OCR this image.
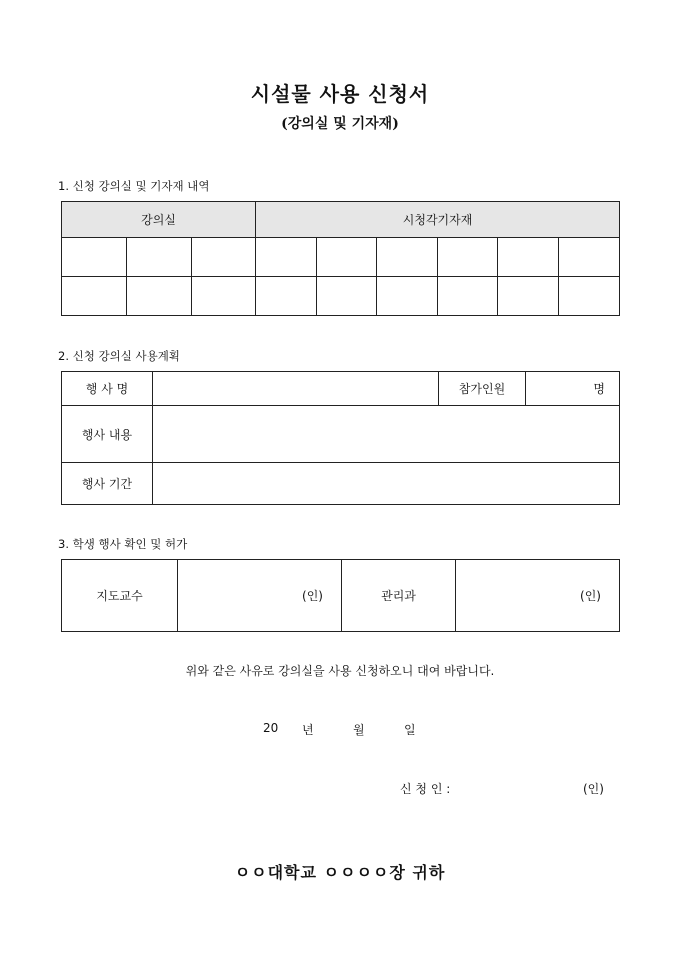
시설물 사용 신청서
(강의실 및 기자재)
1. 신청 강의실 및 기자재 내역
강의실			시청각기자재					

2. 신청 강의실 사용계획
행 사 명		참가인원	명
행사 내용			
행사 기간			
3. 학생 행사 확인 및 허가
지도교수	(인)	관리과	(인)
위와 같은 사유로 강의실을 사용 신청하오니 대여 바랍니다.
20 년	월	일
신 청 인 :	(인)
ㅇㅇ대학교 ㅇㅇㅇㅇ장 귀하
